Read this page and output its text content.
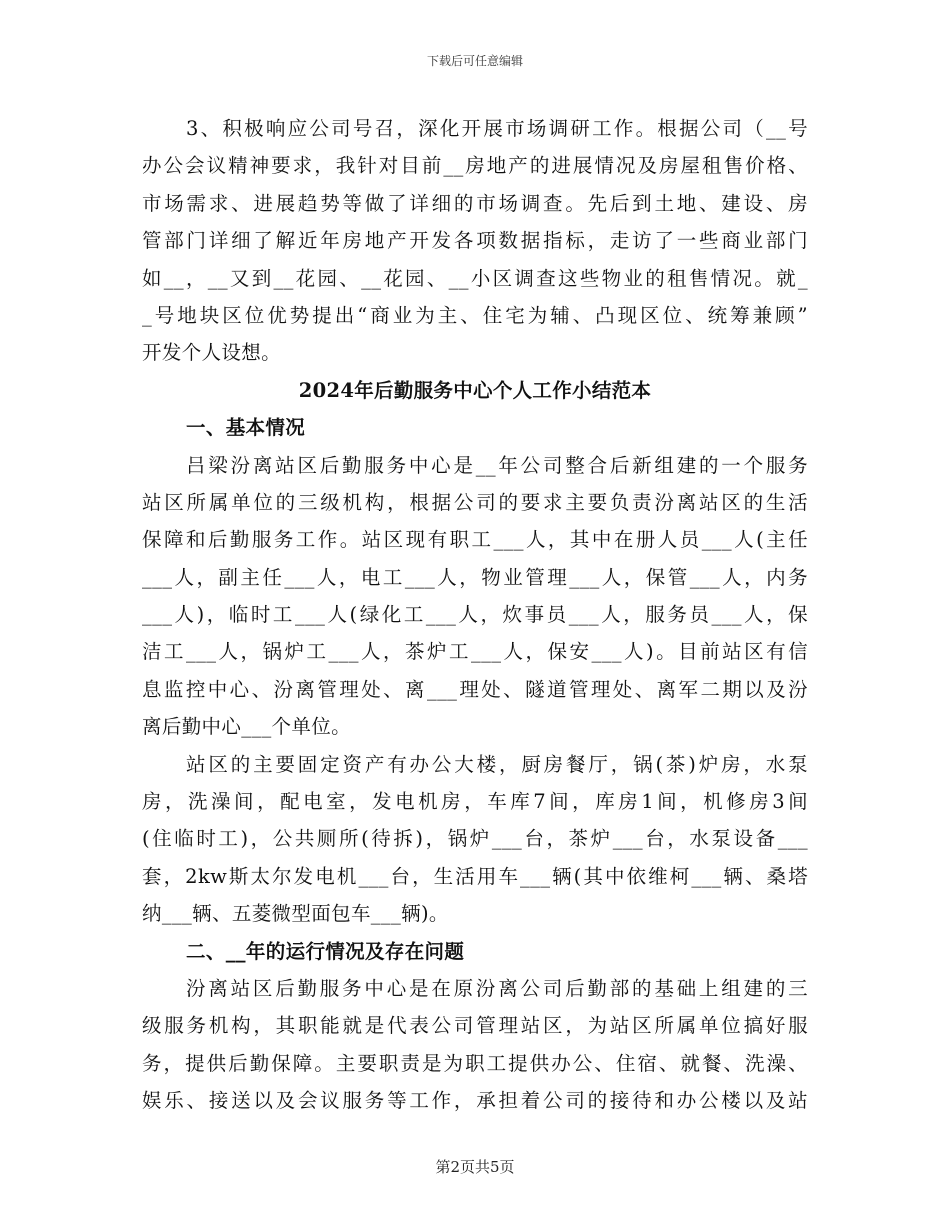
下载后可任意编辑
3、积极响应公司号召，深化开展市场调研工作。根据公司（__号
办公会议精神要求，我针对目前__房地产的进展情况及房屋租售价格、
市场需求、进展趋势等做了详细的市场调查。先后到土地、建设、房
管部门详细了解近年房地产开发各项数据指标，走访了一些商业部门
如__，__又到__花园、__花园、__小区调查这些物业的租售情况。就_
_号地块区位优势提出“商业为主、住宅为辅、凸现区位、统筹兼顾”
开发个人设想。
2024年后勤服务中心个人工作小结范本
一、基本情况
吕梁汾离站区后勤服务中心是__年公司整合后新组建的一个服务
站区所属单位的三级机构，根据公司的要求主要负责汾离站区的生活
保障和后勤服务工作。站区现有职工___人，其中在册人员___人(主任
___人，副主任___人，电工___人，物业管理___人，保管___人，内务
___人)，临时工___人(绿化工___人，炊事员___人，服务员___人，保
洁工___人，锅炉工___人，茶炉工___人，保安___人)。目前站区有信
息监控中心、汾离管理处、离___理处、隧道管理处、离军二期以及汾
离后勤中心___个单位。
站区的主要固定资产有办公大楼，厨房餐厅，锅(茶)炉房，水泵
房，洗澡间，配电室，发电机房，车库7间，库房1间，机修房3间
(住临时工)，公共厕所(待拆)，锅炉___台，茶炉___台，水泵设备___
套，2kw斯太尔发电机___台，生活用车___辆(其中依维柯___辆、桑塔
纳___辆、五菱微型面包车___辆)。
二、__年的运行情况及存在问题
汾离站区后勤服务中心是在原汾离公司后勤部的基础上组建的三
级服务机构，其职能就是代表公司管理站区，为站区所属单位搞好服
务，提供后勤保障。主要职责是为职工提供办公、住宿、就餐、洗澡、
娱乐、接送以及会议服务等工作，承担着公司的接待和办公楼以及站
第2页共5页
